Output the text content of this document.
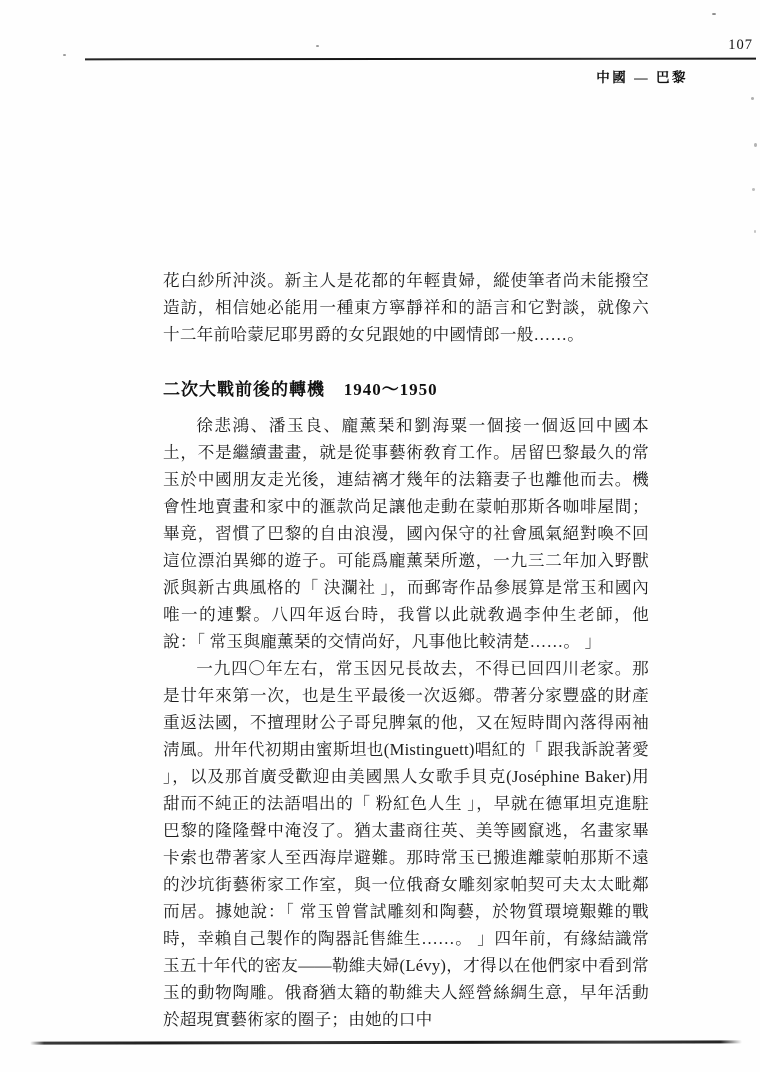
107
中國 — 巴黎

花白紗所沖淡。新主人是花都的年輕貴婦，縱使筆者尚未能撥空造訪，相信她必能用一種東方寧靜祥和的語言和它對談，就像六十二年前哈蒙尼耶男爵的女兒跟她的中國情郎一般……。

二次大戰前後的轉機 1940～1950

徐悲鴻、潘玉良、龐薰琹和劉海粟一個接一個返回中國本土，不是繼續畫畫，就是從事藝術敎育工作。居留巴黎最久的常玉於中國朋友走光後，連結褵才幾年的法籍妻子也離他而去。機會性地賣畫和家中的滙款尚足讓他走動在蒙帕那斯各咖啡屋間；畢竟，習慣了巴黎的自由浪漫，國內保守的社會風氣絕對喚不回這位漂泊異鄉的遊子。可能爲龐薰琹所邀，一九三二年加入野獸派與新古典風格的「 決瀾社 」，而郵寄作品參展算是常玉和國內唯一的連繫。八四年返台時，我嘗以此就敎過李仲生老師，他說：「 常玉與龐薰琹的交情尚好，凡事他比較淸楚……。 」

一九四〇年左右，常玉因兄長故去，不得已回四川老家。那是廿年來第一次，也是生平最後一次返鄉。帶著分家豐盛的財產重返法國，不擅理財公子哥兒脾氣的他，又在短時間內落得兩袖淸風。卅年代初期由蜜斯坦也(Mistinguett)唱紅的「 跟我訴說著愛 」，以及那首廣受歡迎由美國黑人女歌手貝克(Joséphine Baker)用甜而不純正的法語唱出的「 粉紅色人生 」，早就在德軍坦克進駐巴黎的隆隆聲中淹沒了。猶太畫商往英、美等國竄逃，名畫家畢卡索也帶著家人至西海岸避難。那時常玉已搬進離蒙帕那斯不遠的沙坑街藝術家工作室，與一位俄裔女雕刻家帕契可夫太太毗鄰而居。據她說：「 常玉曾嘗試雕刻和陶藝，於物質環境艱難的戰時，幸賴自己製作的陶器託售維生……。 」四年前，有緣結識常玉五十年代的密友——勒維夫婦(Lévy)，才得以在他們家中看到常玉的動物陶雕。俄裔猶太籍的勒維夫人經營絲綢生意，早年活動於超現實藝術家的圈子；由她的口中
